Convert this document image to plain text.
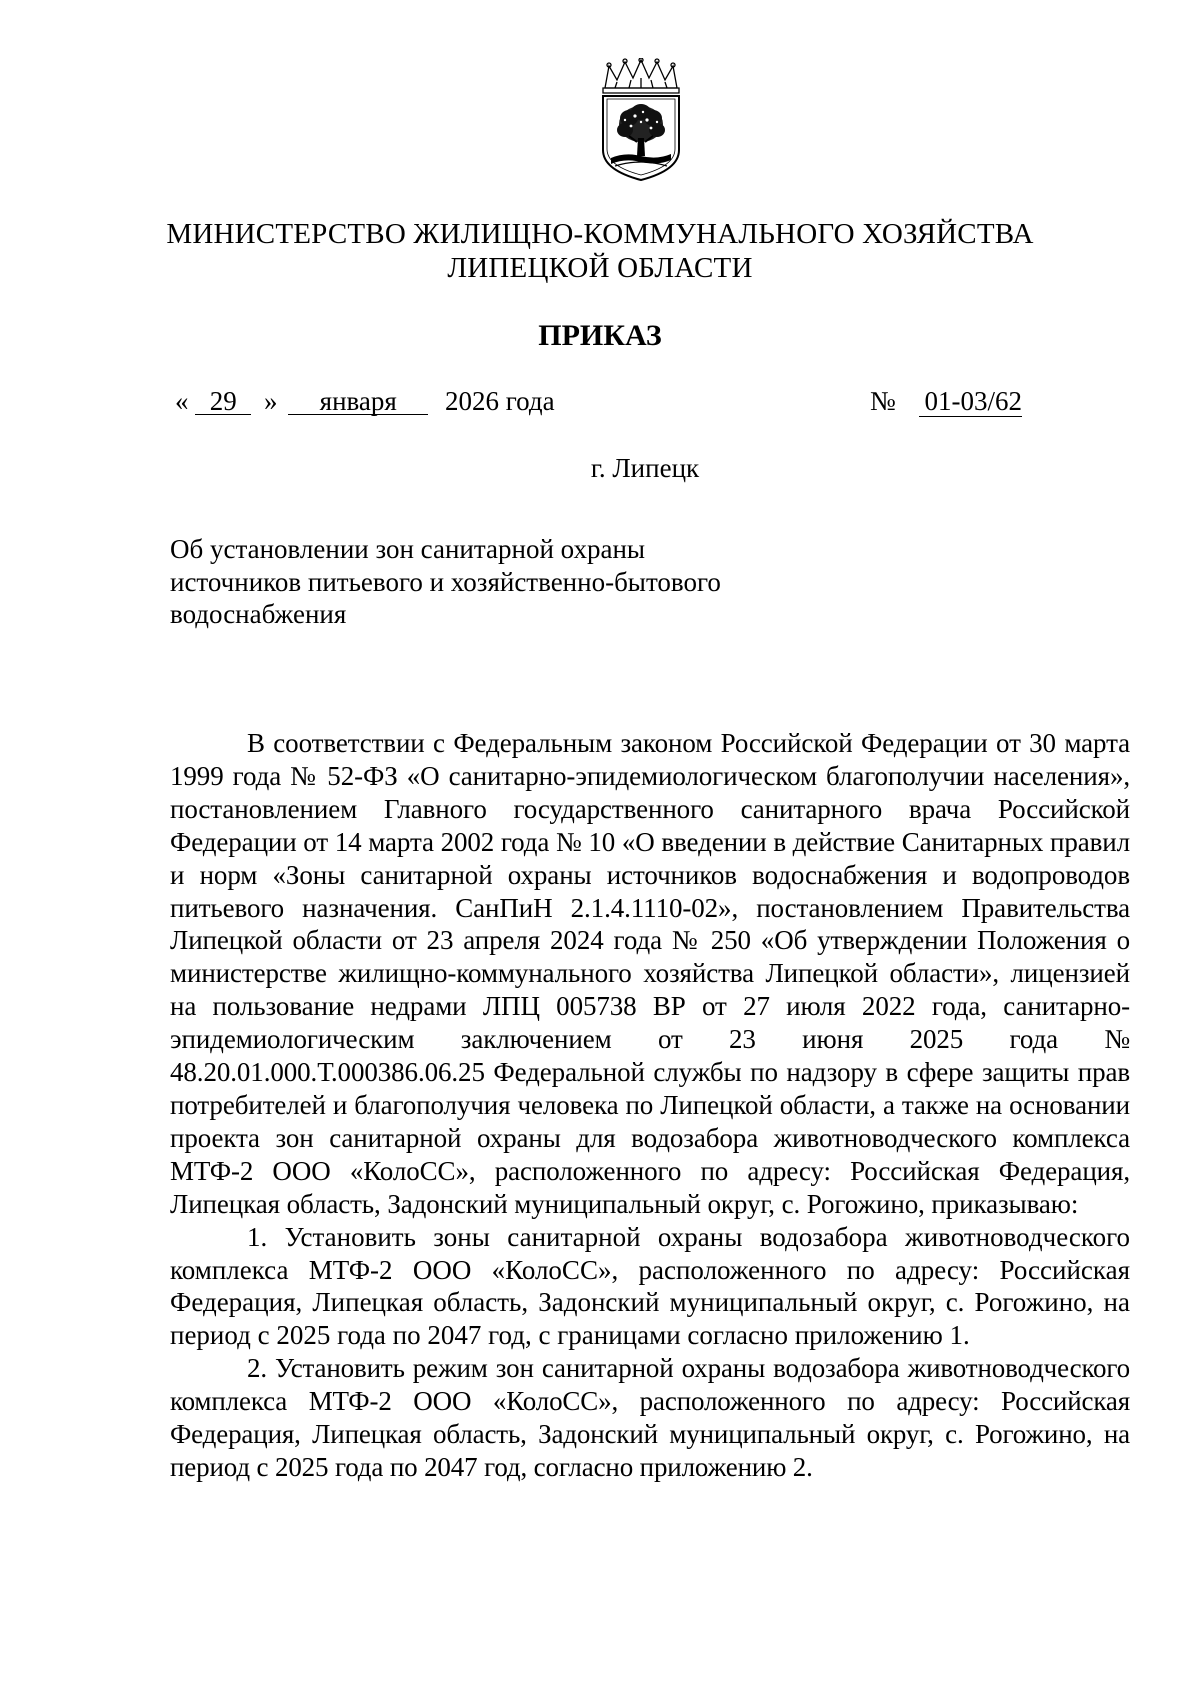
МИНИСТЕРСТВО ЖИЛИЩНО-КОММУНАЛЬНОГО ХОЗЯЙСТВА
ЛИПЕЦКОЙ ОБЛАСТИ
ПРИКАЗ
« 29 » января 2026 года	№ 01-03/62
г. Липецк
Об установлении зон санитарной охраны
источников питьевого и хозяйственно-бытового
водоснабжения

В соответствии с Федеральным законом Российской Федерации от 30 марта 1999 года № 52-ФЗ «О санитарно-эпидемиологическом благополучии населения», постановлением Главного государственного санитарного врача Российской Федерации от 14 марта 2002 года № 10 «О введении в действие Санитарных правил и норм «Зоны санитарной охраны источников водоснабжения и водопроводов питьевого назначения. СанПиН 2.1.4.1110-02», постановлением Правительства Липецкой области от 23 апреля 2024 года № 250 «Об утверждении Положения о министерстве жилищно-коммунального хозяйства Липецкой области», лицензией на пользование недрами ЛПЦ 005738 ВР от 27 июля 2022 года, санитарно-эпидемиологическим заключением от 23 июня 2025 года № 48.20.01.000.Т.000386.06.25 Федеральной службы по надзору в сфере защиты прав потребителей и благополучия человека по Липецкой области, а также на основании проекта зон санитарной охраны для водозабора животноводческого комплекса МТФ-2 ООО «КолоСС», расположенного по адресу: Российская Федерация, Липецкая область, Задонский муниципальный округ, с. Рогожино, приказываю:

1. Установить зоны санитарной охраны водозабора животноводческого комплекса МТФ-2 ООО «КолоСС», расположенного по адресу: Российская Федерация, Липецкая область, Задонский муниципальный округ, с. Рогожино, на период с 2025 года по 2047 год, с границами согласно приложению 1.

2. Установить режим зон санитарной охраны водозабора животноводческого комплекса МТФ-2 ООО «КолоСС», расположенного по адресу: Российская Федерация, Липецкая область, Задонский муниципальный округ, с. Рогожино, на период с 2025 года по 2047 год, согласно приложению 2.
